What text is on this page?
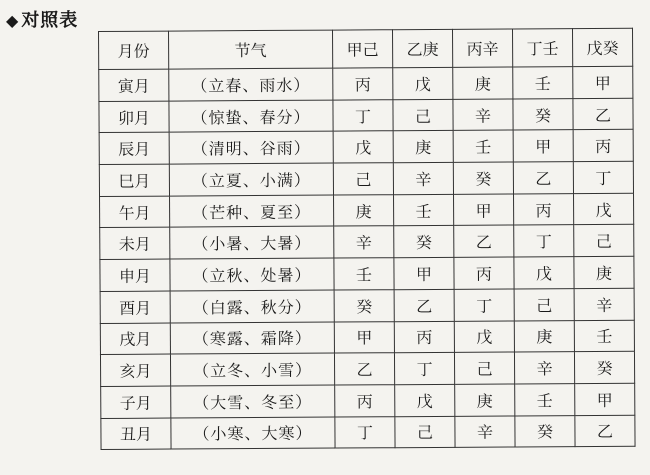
◆ 对照表
月份	节气	甲己	乙庚	丙辛	丁壬	戊癸
寅月	（立春、雨水）	丙	戊	庚	壬	甲
卯月	（惊蛰、春分）	丁	己	辛	癸	乙
辰月	（清明、谷雨）	戊	庚	壬	甲	丙
巳月	（立夏、小满）	己	辛	癸	乙	丁
午月	（芒种、夏至）	庚	壬	甲	丙	戊
未月	（小暑、大暑）	辛	癸	乙	丁	己
申月	（立秋、处暑）	壬	甲	丙	戊	庚
酉月	（白露、秋分）	癸	乙	丁	己	辛
戌月	（寒露、霜降）	甲	丙	戊	庚	壬
亥月	（立冬、小雪）	乙	丁	己	辛	癸
子月	（大雪、冬至）	丙	戊	庚	壬	甲
丑月	（小寒、大寒）	丁	己	辛	癸	乙
